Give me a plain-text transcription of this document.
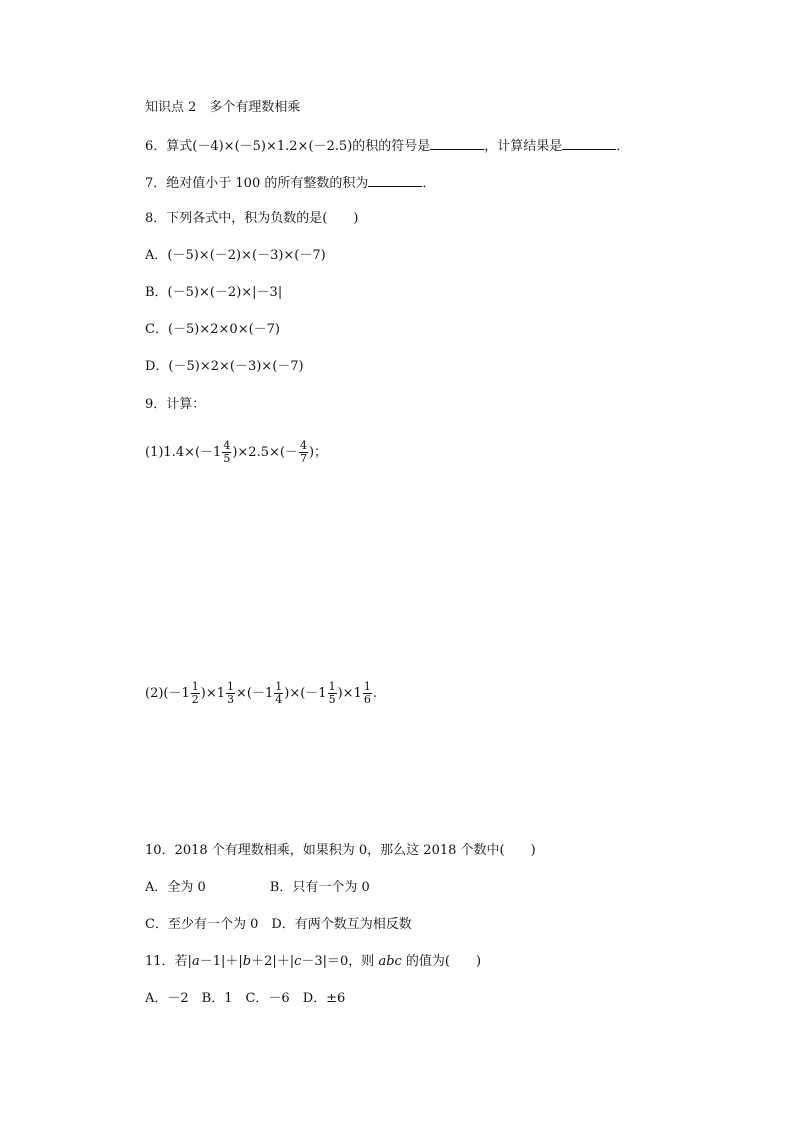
知识点 2　多个有理数相乘
6．算式(－4)×(－5)×1.2×(－2.5)的积的符号是	，计算结果是	．
7．绝对值小于 100 的所有整数的积为	．
8．下列各式中，积为负数的是(　　)
A．(－5)×(－2)×(－3)×(－7)
B．(－5)×(－2)×|－3|
C．(－5)×2×0×(－7)
D．(－5)×2×(－3)×(－7)
9．计算：
$(1)1.4\times(-1 \frac{4}{5} )\times 2.5\times(- \frac{4}{7}$ )；
$(2)(-1 \frac{1}{2} )\times 1 \frac{1}{3} \times(-1 \frac{1}{4} )\times(-1 \frac{1}{5} )\times 1 \frac{1}{6}$ .
10．2018 个有理数相乘，如果积为 0，那么这 2018 个数中(　　)
A．全为 0	B．只有一个为 0
C．至少有一个为 0　D．有两个数互为相反数
11．若|a－1|＋|b＋2|＋|c－3|＝0，则 abc 的值为(　　)
A．－2　B．1　C．－6　D．±6
